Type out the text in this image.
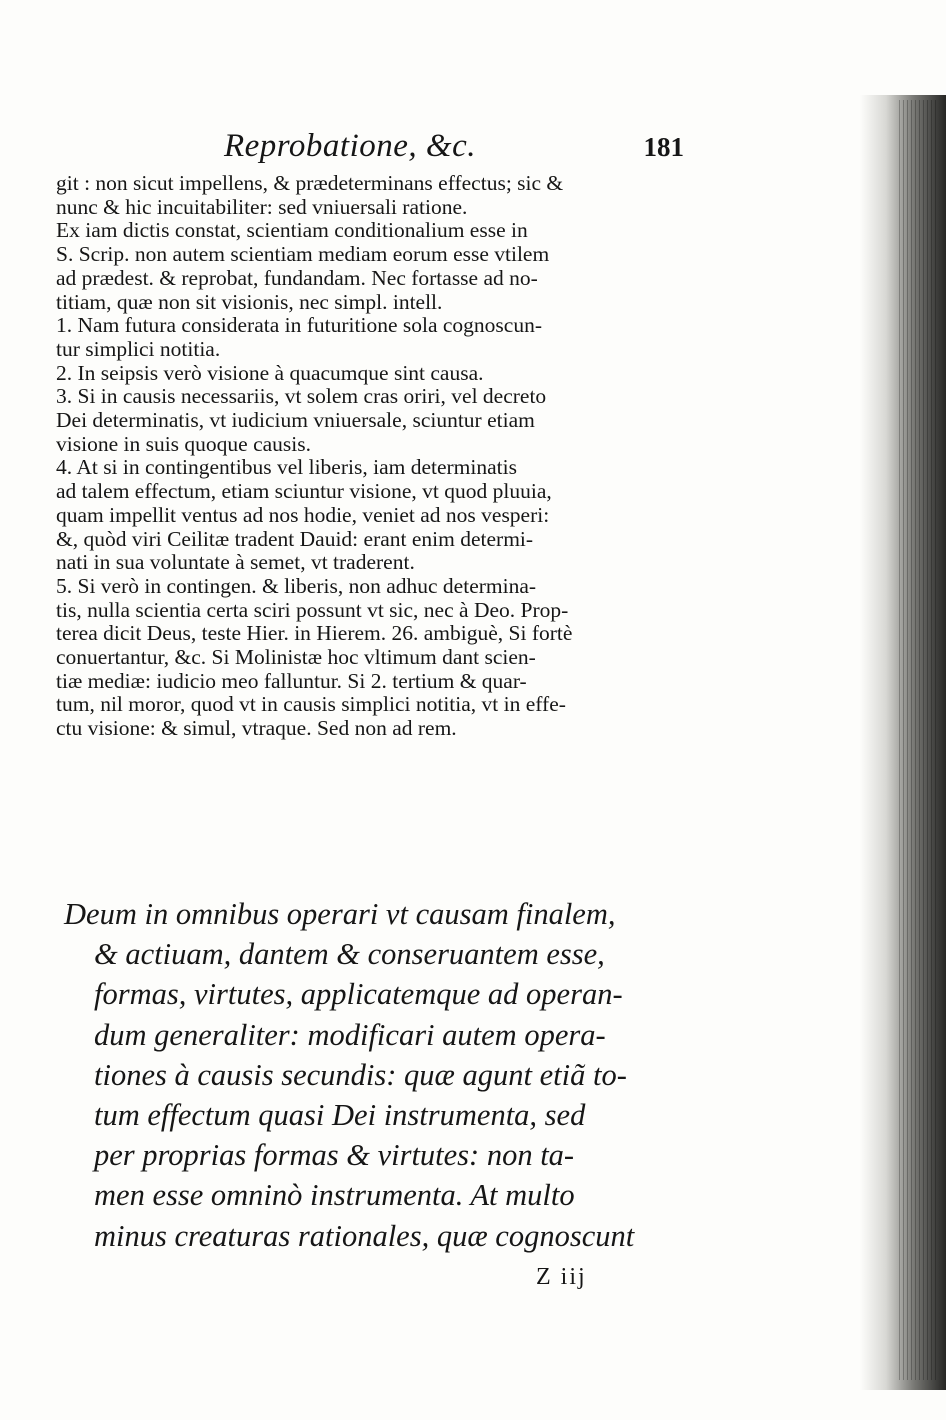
Reprobatione, &c.	181
git : non sicut impellens, & prædeterminans effectus; sic &
nunc & hic incuitabiliter: sed vniuersali ratione.
Ex iam dictis constat, scientiam conditionalium esse in
S. Scrip. non autem scientiam mediam eorum esse vtilem
ad prædest. & reprobat, fundandam. Nec fortasse ad no-
titiam, quæ non sit visionis, nec simpl. intell.
1. Nam futura considerata in futuritione sola cognoscun-
tur simplici notitia.
2. In seipsis verò visione à quacumque sint causa.
3. Si in causis necessariis, vt solem cras oriri, vel decreto
Dei determinatis, vt iudicium vniuersale, sciuntur etiam
visione in suis quoque causis.
4. At si in contingentibus vel liberis, iam determinatis
ad talem effectum, etiam sciuntur visione, vt quod pluuia,
quam impellit ventus ad nos hodie, veniet ad nos vesperi:
&, quòd viri Ceilitæ tradent Dauid: erant enim determi-
nati in sua voluntate à semet, vt traderent.
5. Si verò in contingen. & liberis, non adhuc determina-
tis, nulla scientia certa sciri possunt vt sic, nec à Deo. Prop-
terea dicit Deus, teste Hier. in Hierem. 26. ambiguè, Si fortè
conuertantur, &c. Si Molinistæ hoc vltimum dant scien-
tiæ mediæ: iudicio meo falluntur. Si 2. tertium & quar-
tum, nil moror, quod vt in causis simplici notitia, vt in effe-
ctu visione: & simul, vtraque. Sed non ad rem.
Deum in omnibus operari vt causam finalem,
& actiuam, dantem & conseruantem esse,
formas, virtutes, applicatemque ad operan-
dum generaliter: modificari autem opera-
tiones à causis secundis: quæ agunt etiã to-
tum effectum quasi Dei instrumenta, sed
per proprias formas & virtutes: non ta-
men esse omninò instrumenta. At multo
minus creaturas rationales, quæ cognoscunt
Z iij
